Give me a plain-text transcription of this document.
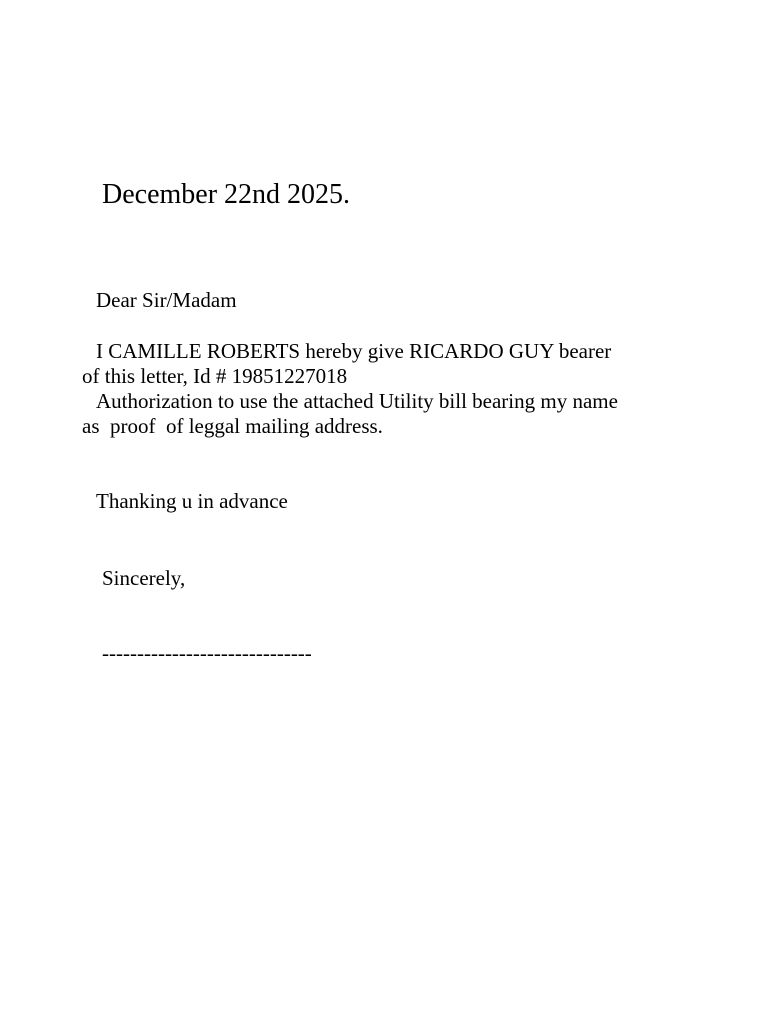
December 22nd 2025.
Dear Sir/Madam
I CAMILLE ROBERTS hereby give RICARDO GUY bearer
of this letter, Id # 19851227018
Authorization to use the attached Utility bill bearing my name
as  proof  of leggal mailing address.
Thanking u in advance
Sincerely,
------------------------------
